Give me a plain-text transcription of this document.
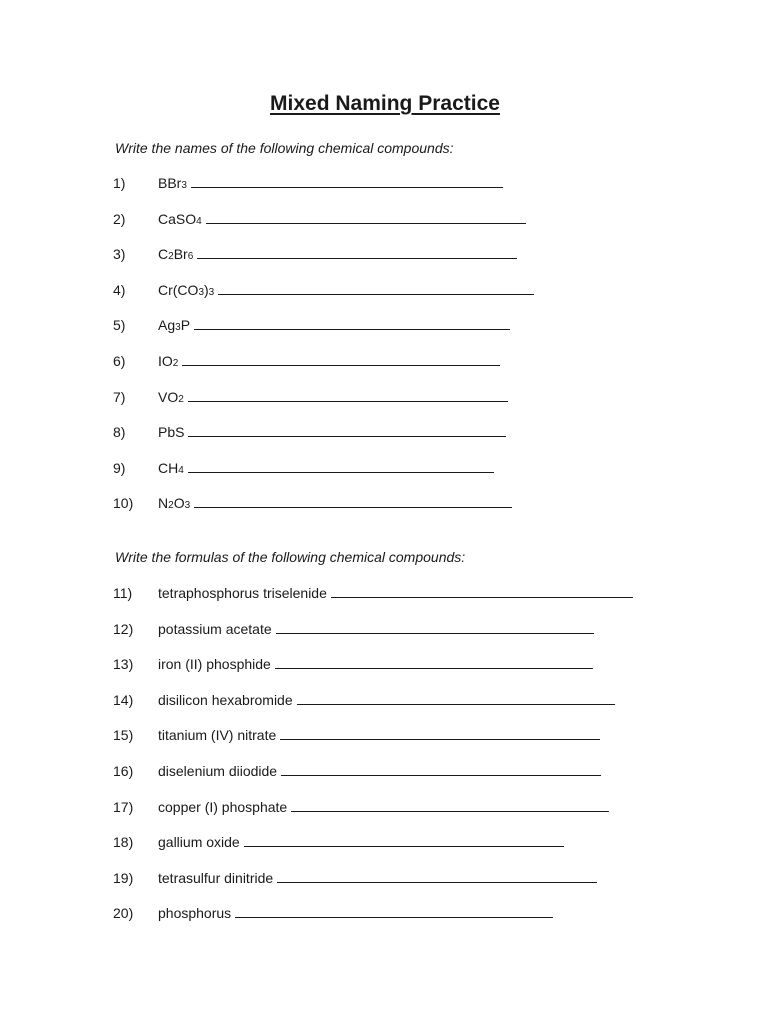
Mixed Naming Practice

Write the names of the following chemical compounds:

1) BBr 3
2) CaSO 4
3) C 2 Br 6
4) Cr(CO 3 ) 3
5) Ag 3 P
6) IO 2
7) VO 2
8) PbS
9) CH 4
10) N 2 O 3

Write the formulas of the following chemical compounds:

11) tetraphosphorus triselenide
12) potassium acetate
13) iron (II) phosphide
14) disilicon hexabromide
15) titanium (IV) nitrate
16) diselenium diiodide
17) copper (I) phosphate
18) gallium oxide
19) tetrasulfur dinitride
20) phosphorus
